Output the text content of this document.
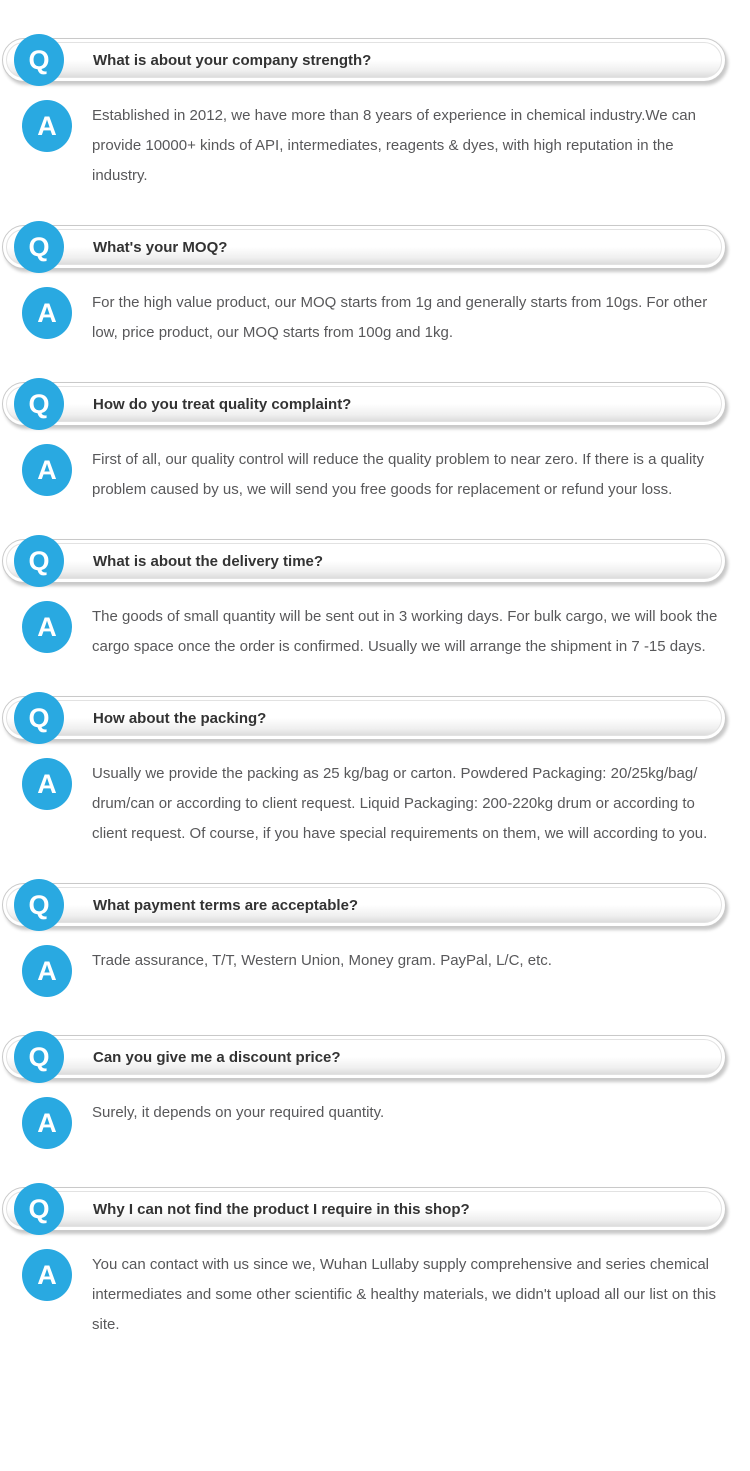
What is about your company strength?
Q
A Established in 2012, we have more than 8 years of experience in chemical industry.We can provide 10000+ kinds of API, intermediates, reagents & dyes, with high reputation in the industry.

What's your MOQ?
Q
A For the high value product, our MOQ starts from 1g and generally starts from 10gs. For other low, price product, our MOQ starts from 100g and 1kg.

How do you treat quality complaint?
Q
A First of all, our quality control will reduce the quality problem to near zero. If there is a quality problem caused by us, we will send you free goods for replacement or refund your loss.

What is about the delivery time?
Q
A The goods of small quantity will be sent out in 3 working days. For bulk cargo, we will book the cargo space once the order is confirmed. Usually we will arrange the shipment in 7 -15 days.

How about the packing?
Q
A Usually we provide the packing as 25 kg/bag or carton. Powdered Packaging: 20/25kg/bag/ drum/can or according to client request. Liquid Packaging: 200-220kg drum or according to client request. Of course, if you have special requirements on them, we will according to you.

What payment terms are acceptable?
Q
A Trade assurance, T/T, Western Union, Money gram. PayPal, L/C, etc.

Can you give me a discount price?
Q
A Surely, it depends on your required quantity.

Why I can not find the product I require in this shop?
Q
A You can contact with us since we, Wuhan Lullaby supply comprehensive and series chemical intermediates and some other scientific & healthy materials, we didn't upload all our list on this site.
